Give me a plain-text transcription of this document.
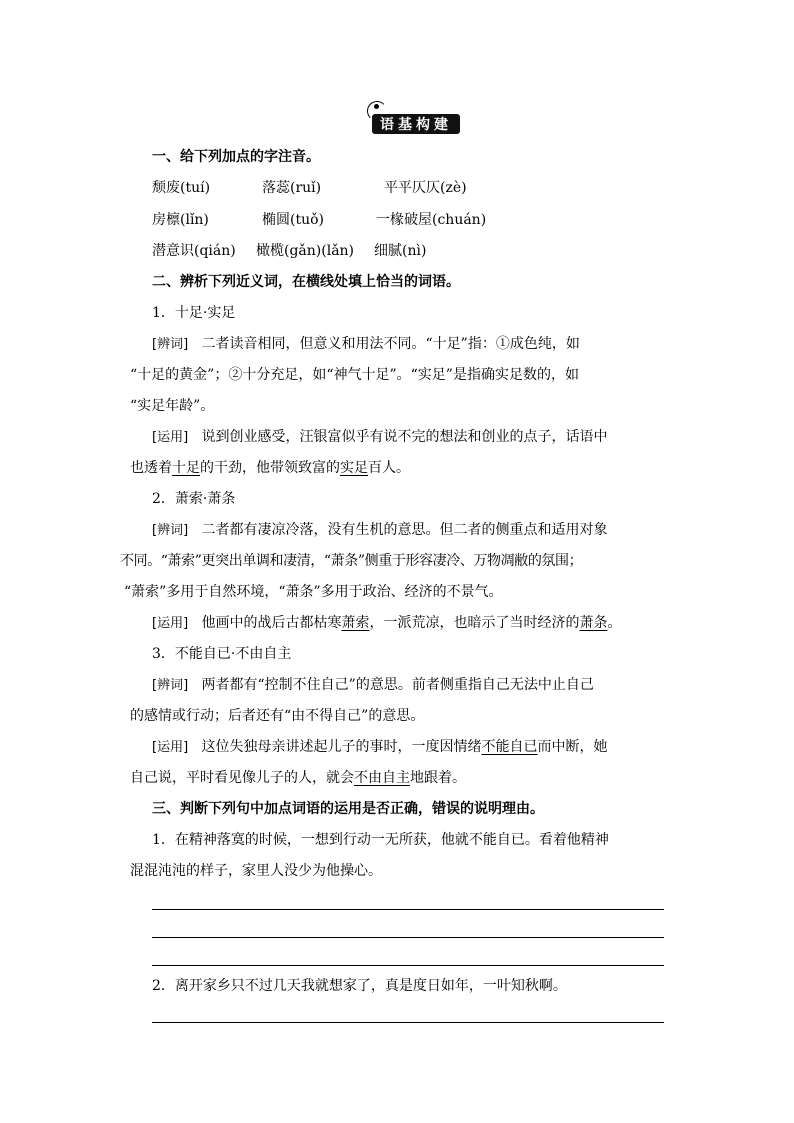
语基构建
一、给下列加点的字注音。
颓废(tuí)	落蕊(ruǐ)	平平仄仄(zè)
房檩(lǐn)	椭圆(tuǒ)	一椽破屋(chuán)
潜意识(qián) 橄榄(gǎn)(lǎn) 细腻(nì)
二、辨析下列近义词，在横线处填上恰当的词语。
1．十足·实足
[辨词] 二者读音相同，但意义和用法不同。“十足”指：①成色纯，如
“十足的黄金”；②十分充足，如“神气十足”。“实足”是指确实足数的，如
“实足年龄”。
[运用] 说到创业感受，汪银富似乎有说不完的想法和创业的点子，话语中
也透着十足的干劲，他带领致富的实足百人。
2．萧索·萧条
[辨词] 二者都有凄凉冷落，没有生机的意思。但二者的侧重点和适用对象
不同。“萧索”更突出单调和凄清，“萧条”侧重于形容凄冷、万物凋敝的氛围；
“萧索”多用于自然环境，“萧条”多用于政治、经济的不景气。
[运用] 他画中的战后古都枯寒萧索，一派荒凉，也暗示了当时经济的萧条。
3．不能自已·不由自主
[辨词] 两者都有“控制不住自己”的意思。前者侧重指自己无法中止自己
的感情或行动；后者还有“由不得自己”的意思。
[运用] 这位失独母亲讲述起儿子的事时，一度因情绪不能自已而中断，她
自己说，平时看见像儿子的人，就会不由自主地跟着。
三、判断下列句中加点词语的运用是否正确，错误的说明理由。
1．在精神落寞的时候，一想到行动一无所获，他就不能自已。看着他精神
混混沌沌的样子，家里人没少为他操心。
2．离开家乡只不过几天我就想家了，真是度日如年，一叶知秋啊。
